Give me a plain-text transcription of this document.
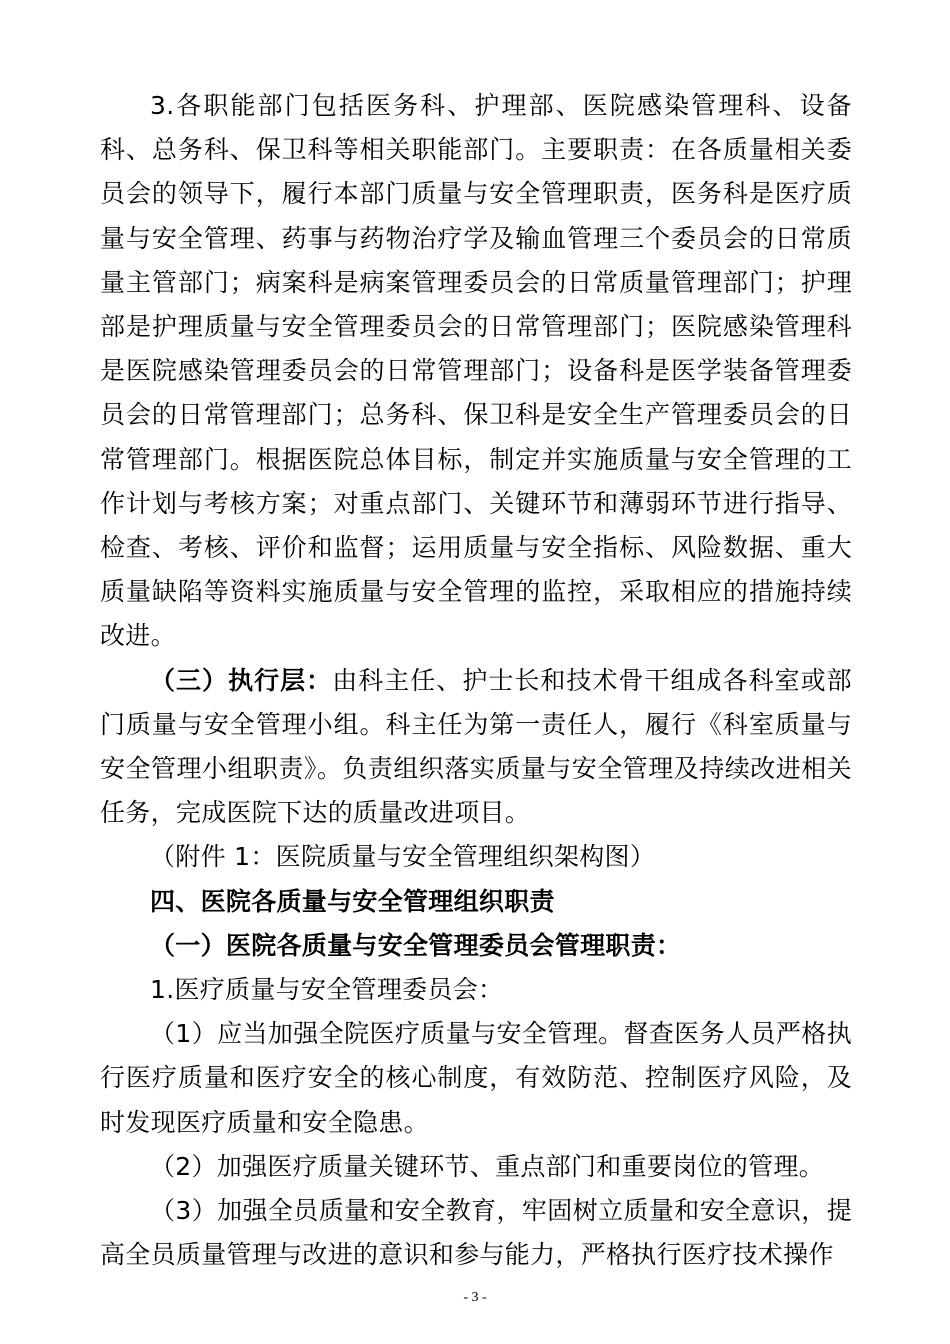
3.各职能部门包括医务科、护理部、医院感染管理科、设备科、总务科、保卫科等相关职能部门。主要职责：在各质量相关委员会的领导下，履行本部门质量与安全管理职责，医务科是医疗质量与安全管理、药事与药物治疗学及输血管理三个委员会的日常质量主管部门；病案科是病案管理委员会的日常质量管理部门；护理部是护理质量与安全管理委员会的日常管理部门；医院感染管理科是医院感染管理委员会的日常管理部门；设备科是医学装备管理委员会的日常管理部门；总务科、保卫科是安全生产管理委员会的日常管理部门。根据医院总体目标，制定并实施质量与安全管理的工作计划与考核方案；对重点部门、关键环节和薄弱环节进行指导、检查、考核、评价和监督；运用质量与安全指标、风险数据、重大质量缺陷等资料实施质量与安全管理的监控，采取相应的措施持续改进。

（三）执行层：由科主任、护士长和技术骨干组成各科室或部门质量与安全管理小组。科主任为第一责任人，履行《科室质量与安全管理小组职责》。负责组织落实质量与安全管理及持续改进相关任务，完成医院下达的质量改进项目。

（附件 1：医院质量与安全管理组织架构图）

四、医院各质量与安全管理组织职责

（一）医院各质量与安全管理委员会管理职责：

1.医疗质量与安全管理委员会：

（1）应当加强全院医疗质量与安全管理。督查医务人员严格执行医疗质量和医疗安全的核心制度，有效防范、控制医疗风险，及时发现医疗质量和安全隐患。

（2）加强医疗质量关键环节、重点部门和重要岗位的管理。

（3）加强全员质量和安全教育，牢固树立质量和安全意识，提高全员质量管理与改进的意识和参与能力，严格执行医疗技术操作

- 3 -
